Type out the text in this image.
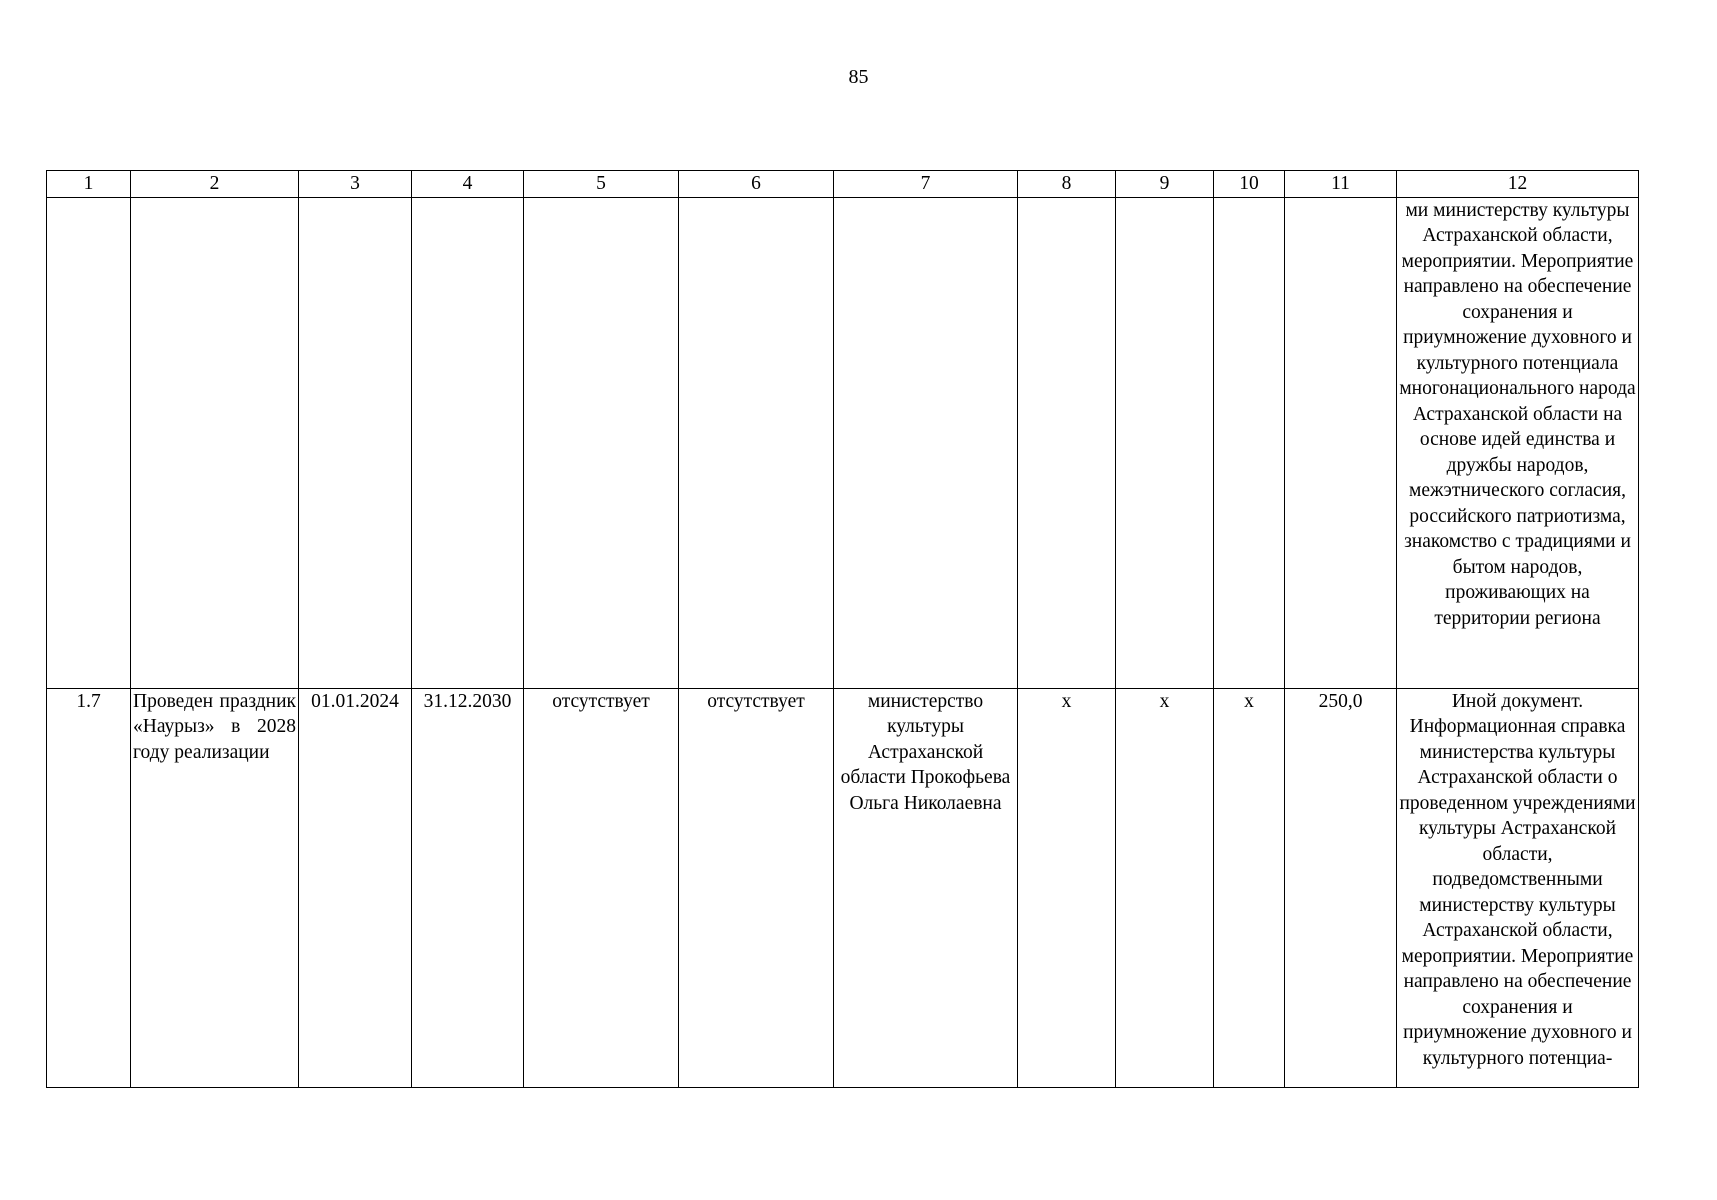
85
1	2	3	4	5	6	7	8	9	10	11	12
											ми министерству культуры Астраханской области, мероприятии. Мероприятие направлено на обеспечение сохранения и приумножение духовного и культурного потенциала многонационального народа Астраханской области на основе идей единства и дружбы народов, межэтнического согласия, российского патриотизма, знакомство с традициями и бытом народов, проживающих на территории региона
1.7	Проведен праздник «Наурыз» в 2028 году реализации	01.01.2024	31.12.2030	отсутствует	отсутствует	министерство культуры Астраханской области Прокофьева Ольга Николаевна	x	x	x	250,0	Иной документ. Информационная справка министерства культуры Астраханской области о проведенном учреждениями культуры Астраханской области, подведомственными министерству культуры Астраханской области, мероприятии. Мероприятие направлено на обеспечение сохранения и приумножение духовного и культурного потенциа-
